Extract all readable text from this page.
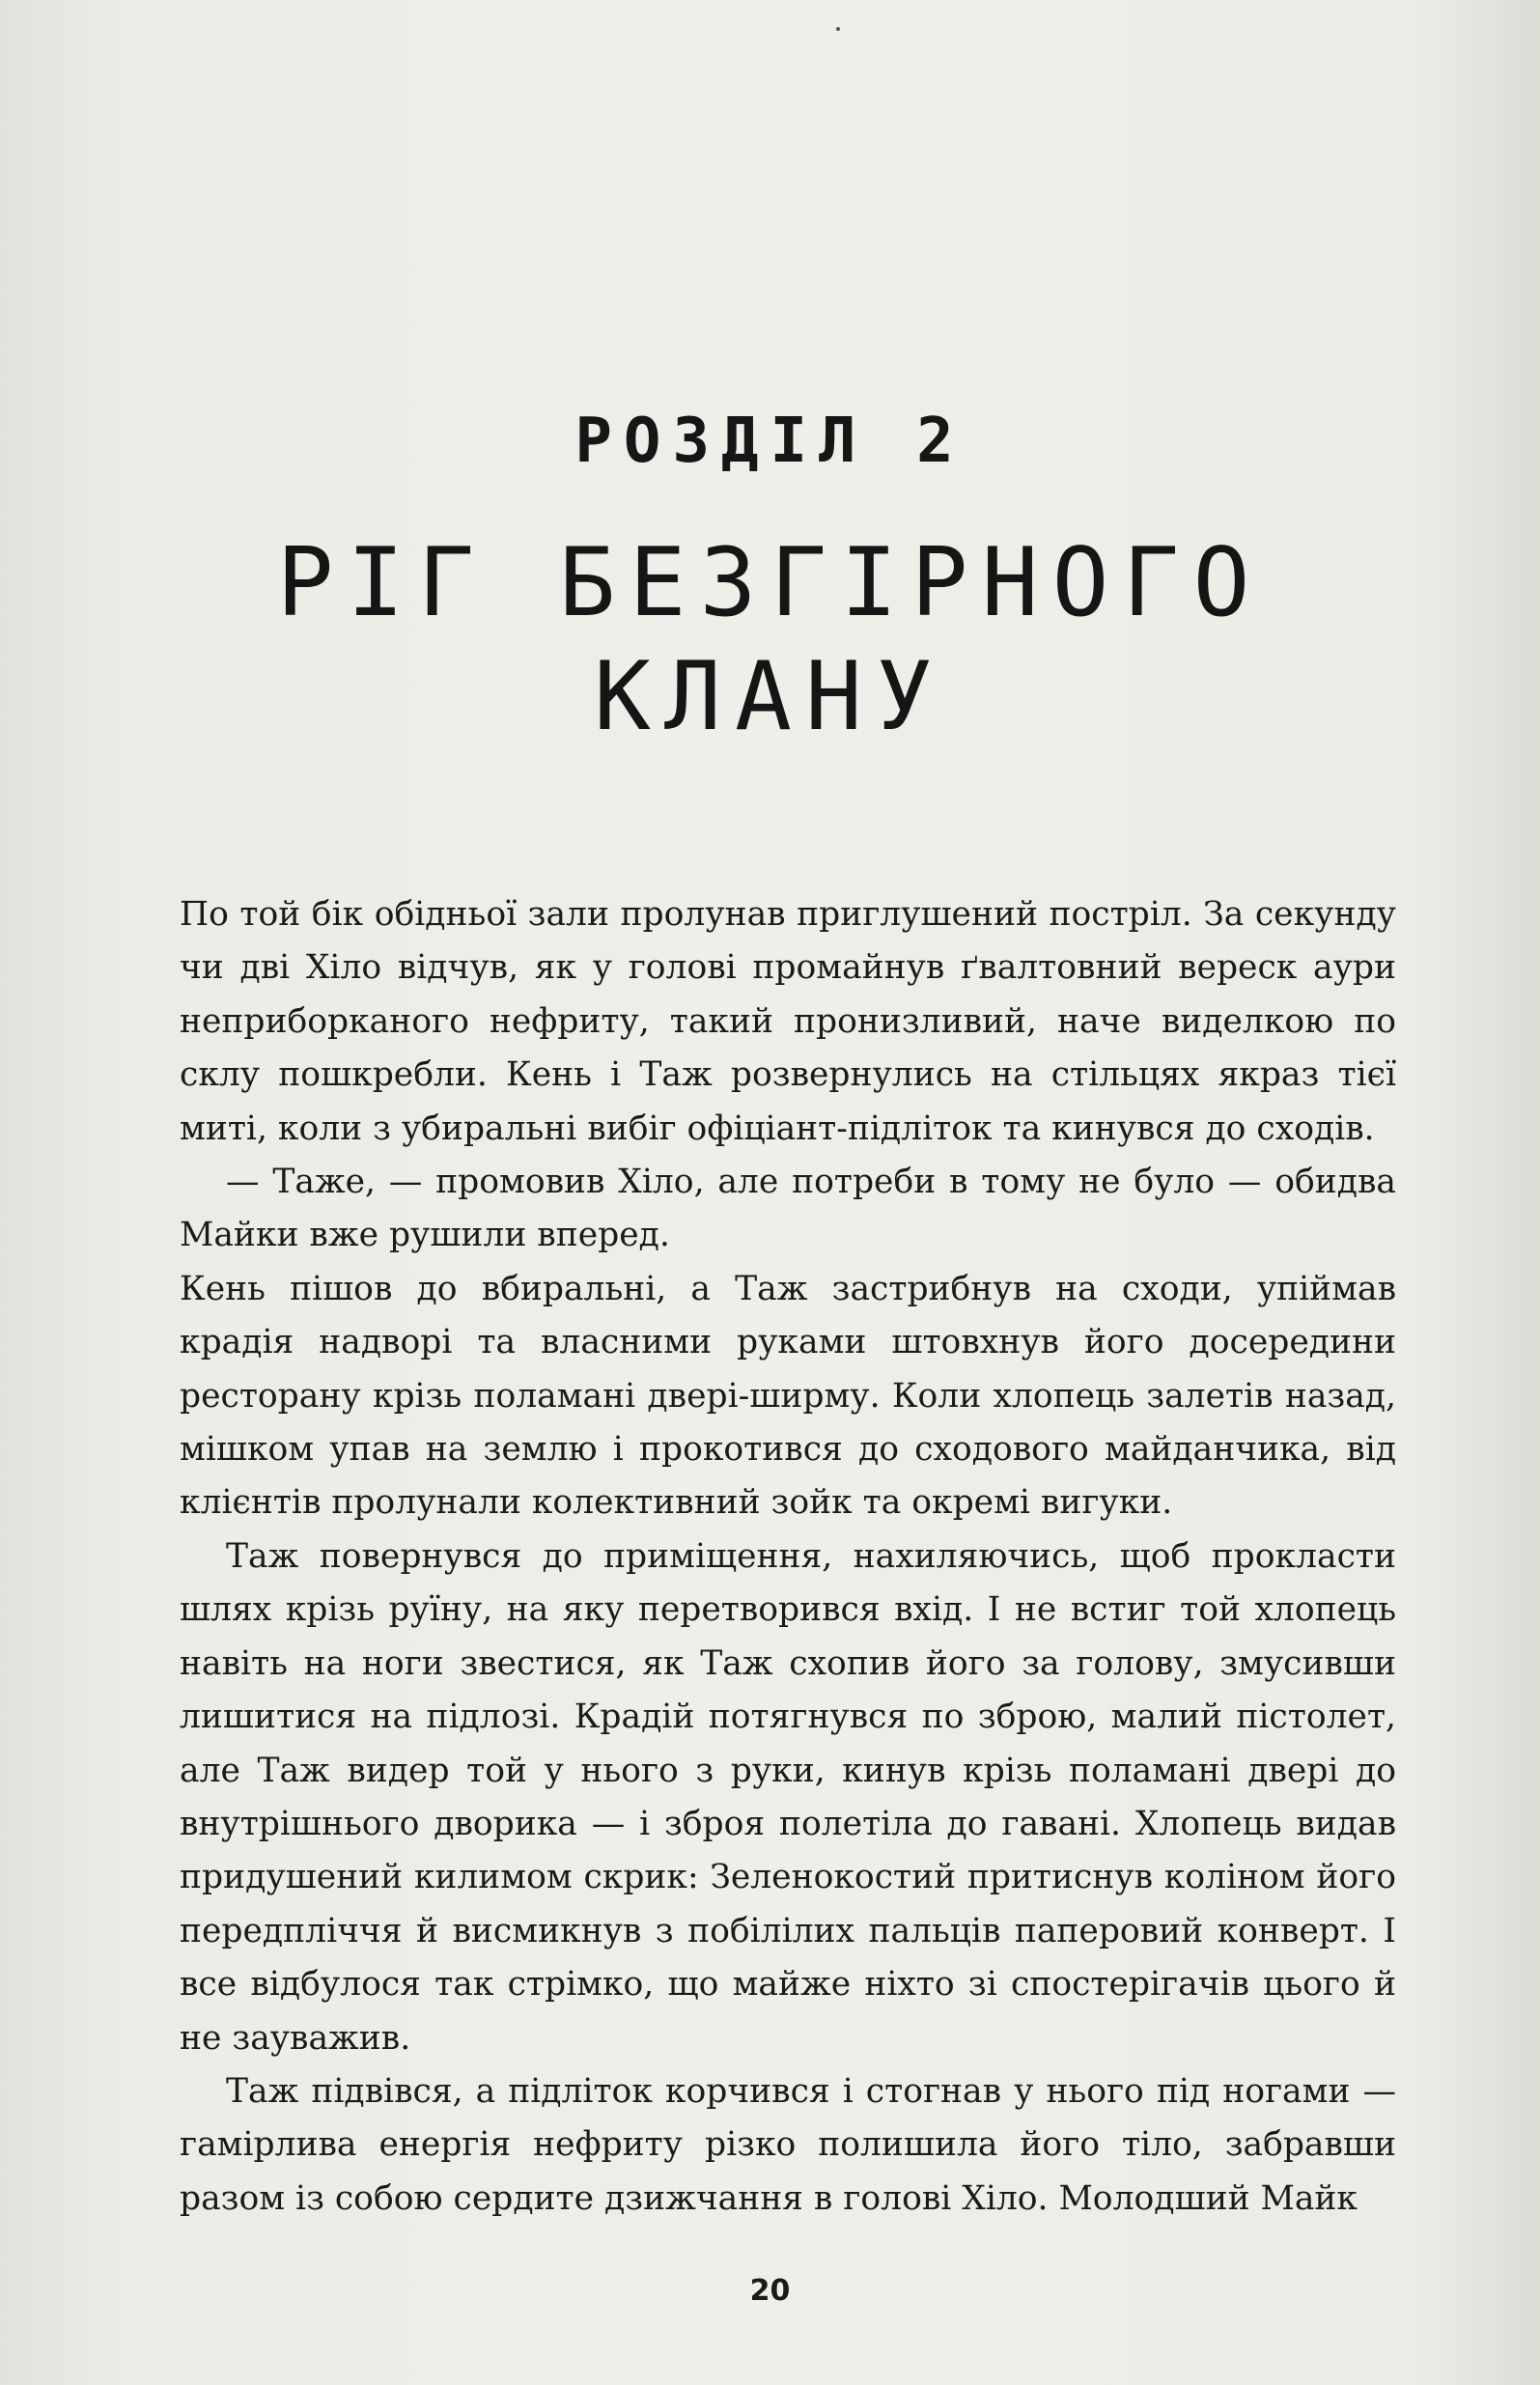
РОЗДІЛ 2
РІГ БЕЗГІРНОГО
КЛАНУ

По той бік обідньої зали пролунав приглушений постріл. За секунду чи дві Хіло відчув, як у голові промайнув ґвалтовний вереск аури неприборканого нефриту, такий пронизливий, наче виделкою по склу пошкребли. Кень і Таж розвернулись на стільцях якраз тієї миті, коли з убиральні вибіг офіціант-підліток та кинувся до сходів.

— Таже, — промовив Хіло, але потреби в тому не було — обидва Майки вже рушили вперед.

Кень пішов до вбиральні, а Таж застрибнув на сходи, упіймав крадія надворі та власними руками штовхнув його досередини ресторану крізь поламані двері-ширму. Коли хлопець залетів назад, мішком упав на землю і прокотився до сходового майданчика, від клієнтів пролунали колективний зойк та окремі вигуки.

Таж повернувся до приміщення, нахиляючись, щоб прокласти шлях крізь руїну, на яку перетворився вхід. І не встиг той хлопець навіть на ноги звестися, як Таж схопив його за голову, змусивши лишитися на підлозі. Крадій потягнувся по зброю, малий пістолет, але Таж видер той у нього з руки, кинув крізь поламані двері до внутрішнього дворика — і зброя полетіла до гавані. Хлопець видав придушений килимом скрик: Зеленокостий притиснув коліном його передпліччя й висмикнув з побілілих пальців паперовий конверт. І все відбулося так стрімко, що майже ніхто зі спостерігачів цього й не зауважив.

Таж підвівся, а підліток корчився і стогнав у нього під ногами — гамірлива енергія нефриту різко полишила його тіло, забравши разом із собою сердите дзижчання в голові Хіло. Молодший Майк

20
